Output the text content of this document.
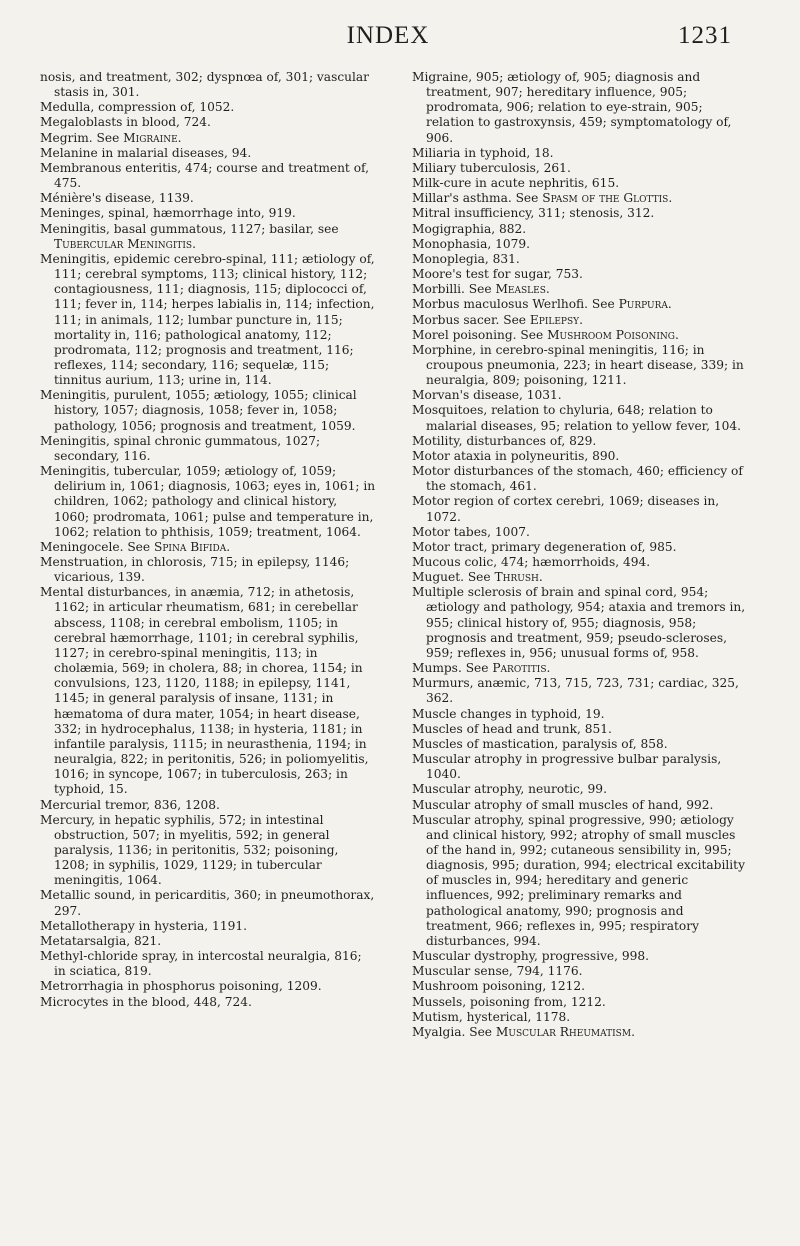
INDEX	1231

nosis, and treatment, 302; dyspnœa of, 301; vascular stasis in, 301.

Medulla, compression of, 1052.

Megaloblasts in blood, 724.

Megrim. See Migraine.

Melanine in malarial diseases, 94.

Membranous enteritis, 474; course and treatment of, 475.

Ménière's disease, 1139.

Meninges, spinal, hæmorrhage into, 919.

Meningitis, basal gummatous, 1127; basilar, see Tubercular Meningitis.

Meningitis, epidemic cerebro-spinal, 111; ætiology of, 111; cerebral symptoms, 113; clinical history, 112; contagiousness, 111; diagnosis, 115; diplococci of, 111; fever in, 114; herpes labialis in, 114; infection, 111; in animals, 112; lumbar puncture in, 115; mortality in, 116; pathological anatomy, 112; prodromata, 112; prognosis and treatment, 116; reflexes, 114; secondary, 116; sequelæ, 115; tinnitus aurium, 113; urine in, 114.

Meningitis, purulent, 1055; ætiology, 1055; clinical history, 1057; diagnosis, 1058; fever in, 1058; pathology, 1056; prognosis and treatment, 1059.

Meningitis, spinal chronic gummatous, 1027; secondary, 116.

Meningitis, tubercular, 1059; ætiology of, 1059; delirium in, 1061; diagnosis, 1063; eyes in, 1061; in children, 1062; pathology and clinical history, 1060; prodromata, 1061; pulse and temperature in, 1062; relation to phthisis, 1059; treatment, 1064.

Meningocele. See Spina Bifida.

Menstruation, in chlorosis, 715; in epilepsy, 1146; vicarious, 139.

Mental disturbances, in anæmia, 712; in athetosis, 1162; in articular rheumatism, 681; in cerebellar abscess, 1108; in cerebral embolism, 1105; in cerebral hæmorrhage, 1101; in cerebral syphilis, 1127; in cerebro-spinal meningitis, 113; in cholæmia, 569; in cholera, 88; in chorea, 1154; in convulsions, 123, 1120, 1188; in epilepsy, 1141, 1145; in general paralysis of insane, 1131; in hæmatoma of dura mater, 1054; in heart disease, 332; in hydrocephalus, 1138; in hysteria, 1181; in infantile paralysis, 1115; in neurasthenia, 1194; in neuralgia, 822; in peritonitis, 526; in poliomyelitis, 1016; in syncope, 1067; in tuberculosis, 263; in typhoid, 15.

Mercurial tremor, 836, 1208.

Mercury, in hepatic syphilis, 572; in intestinal obstruction, 507; in myelitis, 592; in general paralysis, 1136; in peritonitis, 532; poisoning, 1208; in syphilis, 1029, 1129; in tubercular meningitis, 1064.

Metallic sound, in pericarditis, 360; in pneumothorax, 297.

Metallotherapy in hysteria, 1191.

Metatarsalgia, 821.

Methyl-chloride spray, in intercostal neuralgia, 816; in sciatica, 819.

Metrorrhagia in phosphorus poisoning, 1209.

Microcytes in the blood, 448, 724.

Migraine, 905; ætiology of, 905; diagnosis and treatment, 907; hereditary influence, 905; prodromata, 906; relation to eye-strain, 905; relation to gastroxynsis, 459; symptomatology of, 906.

Miliaria in typhoid, 18.

Miliary tuberculosis, 261.

Milk-cure in acute nephritis, 615.

Millar's asthma. See Spasm of the Glottis.

Mitral insufficiency, 311; stenosis, 312.

Mogigraphia, 882.

Monophasia, 1079.

Monoplegia, 831.

Moore's test for sugar, 753.

Morbilli. See Measles.

Morbus maculosus Werlhofi. See Purpura.

Morbus sacer. See Epilepsy.

Morel poisoning. See Mushroom Poisoning.

Morphine, in cerebro-spinal meningitis, 116; in croupous pneumonia, 223; in heart disease, 339; in neuralgia, 809; poisoning, 1211.

Morvan's disease, 1031.

Mosquitoes, relation to chyluria, 648; relation to malarial diseases, 95; relation to yellow fever, 104.

Motility, disturbances of, 829.

Motor ataxia in polyneuritis, 890.

Motor disturbances of the stomach, 460; efficiency of the stomach, 461.

Motor region of cortex cerebri, 1069; diseases in, 1072.

Motor tabes, 1007.

Motor tract, primary degeneration of, 985.

Mucous colic, 474; hæmorrhoids, 494.

Muguet. See Thrush.

Multiple sclerosis of brain and spinal cord, 954; ætiology and pathology, 954; ataxia and tremors in, 955; clinical history of, 955; diagnosis, 958; prognosis and treatment, 959; pseudo-scleroses, 959; reflexes in, 956; unusual forms of, 958.

Mumps. See Parotitis.

Murmurs, anæmic, 713, 715, 723, 731; cardiac, 325, 362.

Muscle changes in typhoid, 19.

Muscles of head and trunk, 851.

Muscles of mastication, paralysis of, 858.

Muscular atrophy in progressive bulbar paralysis, 1040.

Muscular atrophy, neurotic, 99.

Muscular atrophy of small muscles of hand, 992.

Muscular atrophy, spinal progressive, 990; ætiology and clinical history, 992; atrophy of small muscles of the hand in, 992; cutaneous sensibility in, 995; diagnosis, 995; duration, 994; electrical excitability of muscles in, 994; hereditary and generic influences, 992; preliminary remarks and pathological anatomy, 990; prognosis and treatment, 966; reflexes in, 995; respiratory disturbances, 994.

Muscular dystrophy, progressive, 998.

Muscular sense, 794, 1176.

Mushroom poisoning, 1212.

Mussels, poisoning from, 1212.

Mutism, hysterical, 1178.

Myalgia. See Muscular Rheumatism.
